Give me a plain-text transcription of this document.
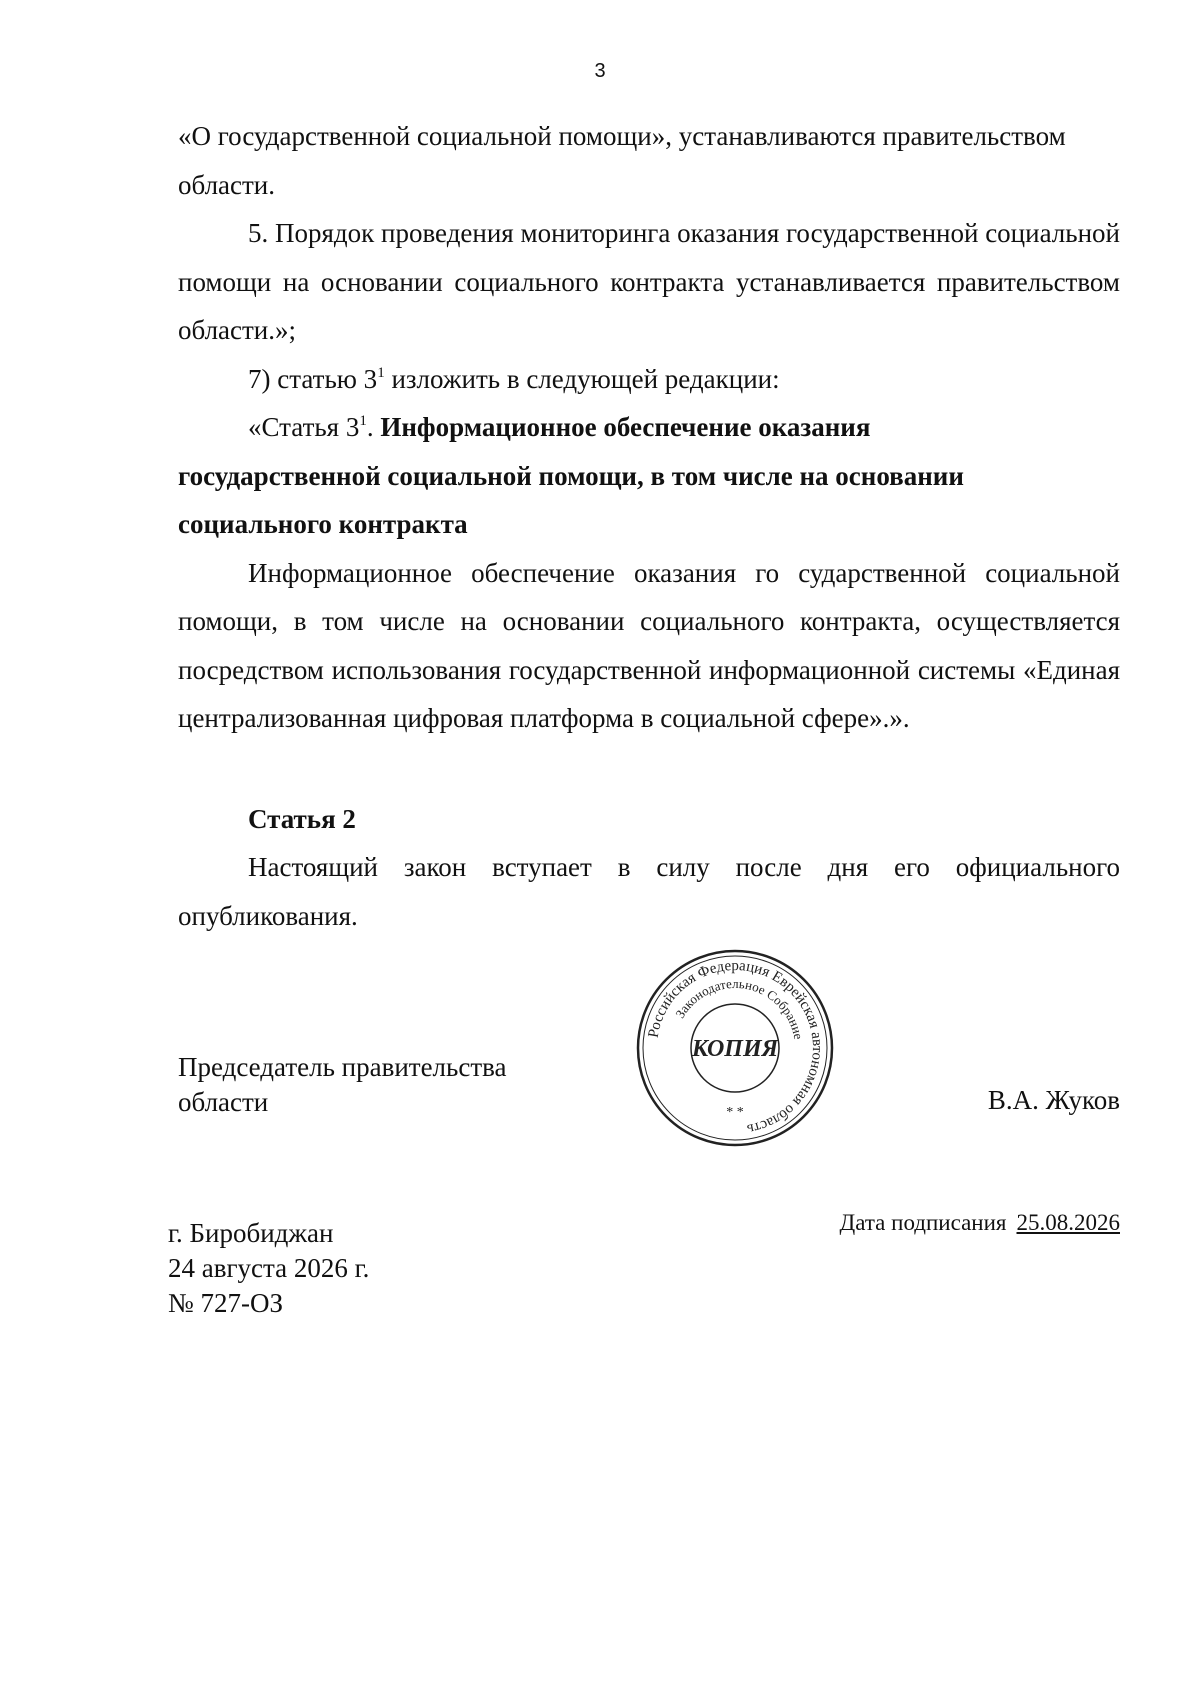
3

«О государственной социальной помощи», устанавливаются правительством

области.

5. Порядок проведения мониторинга оказания государственной социальной помощи на основании социального контракта устанавливается правительством области.»;

7) статью $3^1$ изложить в следующей редакции:

«Статья $3^1$. Информационное обеспечение оказания

государственной социальной помощи, в том числе на основании

социального контракта

Информационное обеспечение оказания го сударственной социальной помощи, в том числе на основании социального контракта, осуществляется посредством использования государственной информационной системы «Единая централизованная цифровая платформа в социальной сфере».».

Статья 2

Настоящий закон вступает в силу после дня его официального опубликования.

Председатель правительства
области
Российская Федерация Еврейская автономная область
Законодательное Собрание
КОПИЯ
* *	В.А. Жуков
г. Биробиджан
24 августа 2026 г.
№ 727-ОЗ
Дата подписания 25.08.2026
